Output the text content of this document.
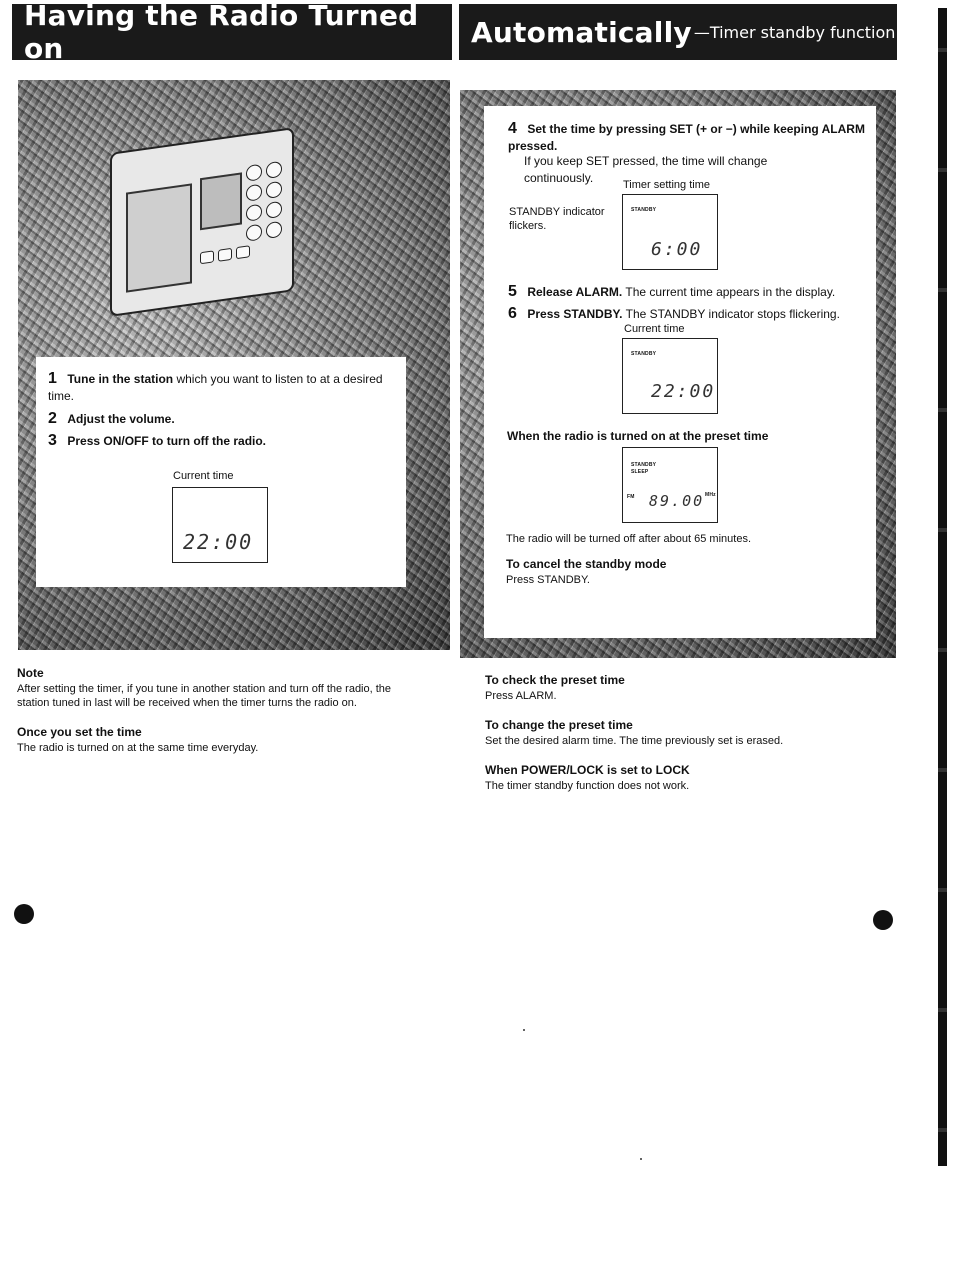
Having the Radio Turned on	Automatically —Timer standby function
1 Tune in the station which you want to listen to at a desired time.
2 Adjust the volume.
3 Press ON/OFF to turn off the radio.
Current time
22:00
Note
After setting the timer, if you tune in another station and turn off the radio, the station tuned in last will be received when the timer turns the radio on.
Once you set the time
The radio is turned on at the same time everyday.
4 Set the time by pressing SET (+ or −) while keeping ALARM pressed.
If you keep SET pressed, the time will change continuously.	Timer setting time
STANDBY indicator flickers.
STANDBY
6:00
5 Release ALARM. The current time appears in the display.
6 Press STANDBY. The STANDBY indicator stops flickering.
Current time
STANDBY
22:00
When the radio is turned on at the preset time
STANDBY
SLEEP
FM 89.00 MHz
The radio will be turned off after about 65 minutes.
To cancel the standby mode
Press STANDBY.
To check the preset time
Press ALARM.
To change the preset time
Set the desired alarm time. The time previously set is erased.
When POWER/LOCK is set to LOCK
The timer standby function does not work.
